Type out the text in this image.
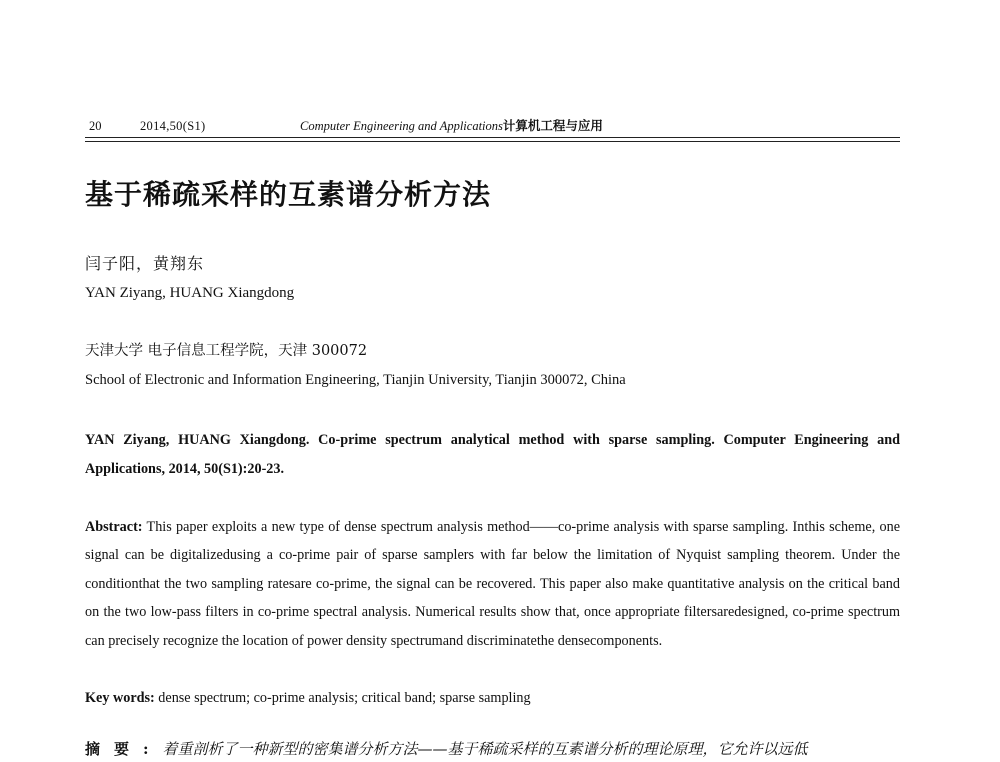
20	2014,50(S1)	Computer Engineering and Applications计算机工程与应用
基于稀疏采样的互素谱分析方法
闫子阳，黄翔东
YAN Ziyang, HUANG Xiangdong
天津大学 电子信息工程学院，天津 300072
School of Electronic and Information Engineering, Tianjin University, Tianjin 300072, China
YAN Ziyang, HUANG Xiangdong. Co-prime spectrum analytical method with sparse sampling. Computer Engineering and Applications, 2014, 50(S1):20-23.
Abstract: This paper exploits a new type of dense spectrum analysis method——co-prime analysis with sparse sampling. Inthis scheme, one signal can be digitalizedusing a co-prime pair of sparse samplers with far below the limitation of Nyquist sampling theorem. Under the conditionthat the two sampling ratesare co-prime, the signal can be recovered. This paper also make quantitative analysis on the critical band on the two low-pass filters in co-prime spectral analysis. Numerical results show that, once appropriate filtersaredesigned, co-prime spectrum can precisely recognize the location of power density spectrumand discriminatethe densecomponents.
Key words: dense spectrum; co-prime analysis; critical band; sparse sampling
摘要:着重剖析了一种新型的密集谱分析方法——基于稀疏采样的互素谱分析的理论原理，它允许以远低
